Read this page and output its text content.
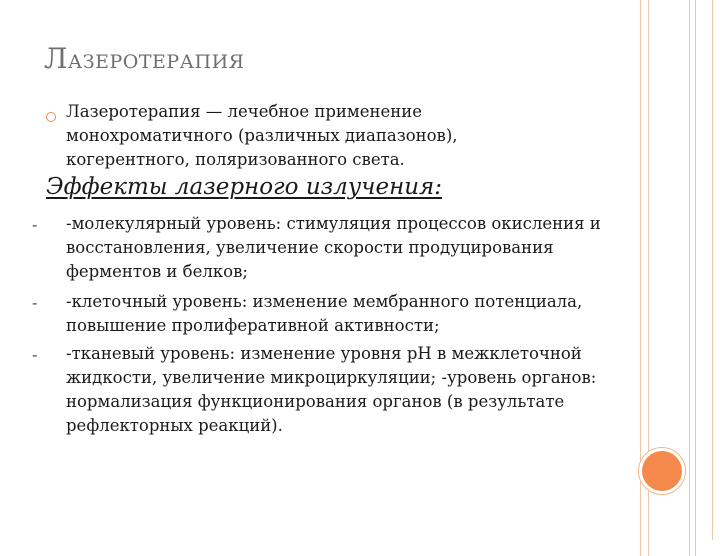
ЛАЗЕРОТЕРАПИЯ

Лазеротерапия — лечебное применение монохроматичного (различных диапазонов), когерентного, поляризованного света.

Эффекты лазерного излучения:
- -молекулярный уровень: стимуляция процессов окисления и восстановления, увеличение скорости продуцирования ферментов и белков;

- -клеточный уровень: изменение мембранного потенциала, повышение пролиферативной активности;

- -тканевый уровень: изменение уровня рН в межклеточной жидкости, увеличение микроциркуляции; -уровень органов: нормализация функционирования органов (в результате рефлекторных реакций).
